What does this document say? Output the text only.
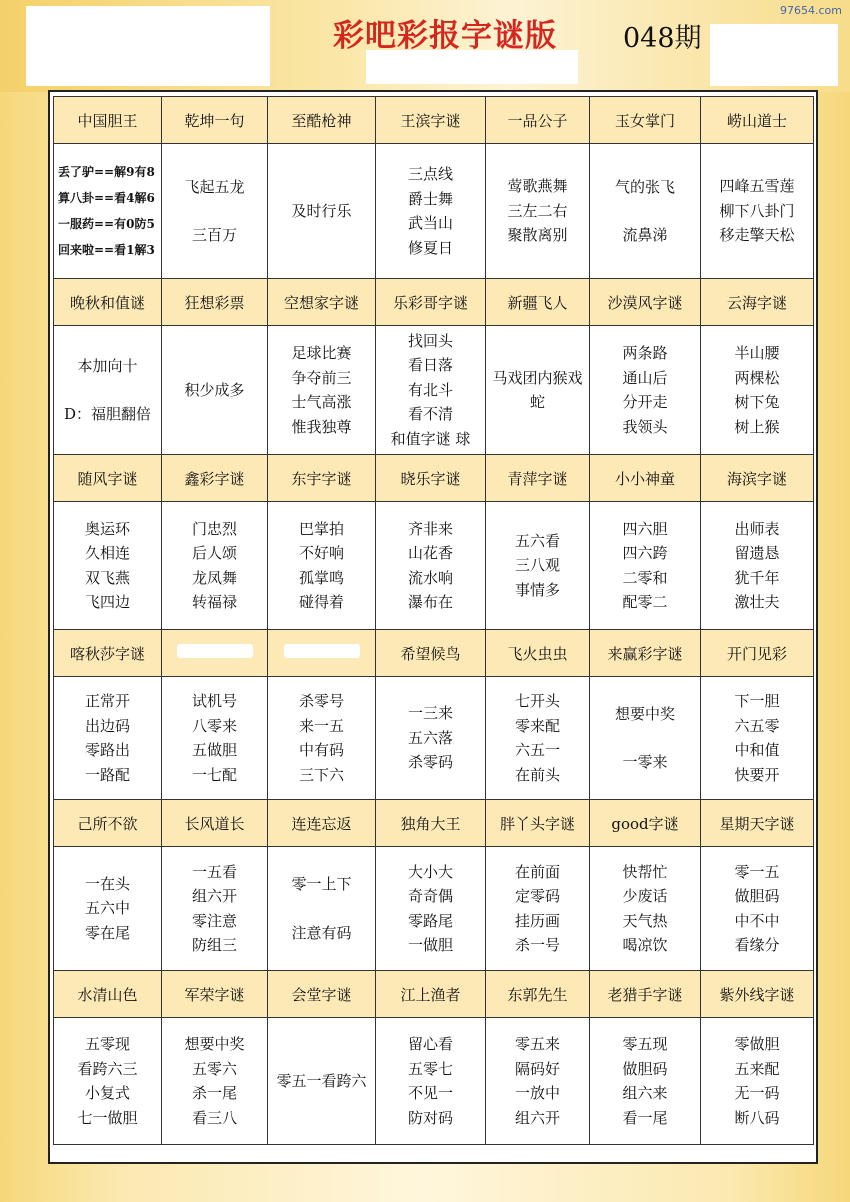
彩吧彩报字谜版 048期
97654.com
中国胆王	乾坤一句	至酷枪神	王滨字谜	一品公子	玉女掌门	崂山道士

丢了驴==解9有8
算八卦==看4解6
一服药==有0防5
回来啦==看1解3	飞起五龙
三百万	及时行乐	三点线
爵士舞
武当山
修夏日	莺歌燕舞
三左二右
聚散离别	气的张飞
流鼻涕	四峰五雪莲
柳下八卦门
移走擎天松

晚秋和值谜	狂想彩票	空想家字谜	乐彩哥字谜	新疆飞人	沙漠风字谜	云海字谜

本加向十
D：福胆翻倍	积少成多	足球比赛
争夺前三
士气高涨
惟我独尊	找回头
看日落
有北斗
看不清
和值字谜 球	马戏团内猴戏
蛇	两条路
通山后
分开走
我领头	半山腰
两棵松
树下兔
树上猴

随风字谜	鑫彩字谜	东宇字谜	晓乐字谜	青萍字谜	小小神童	海滨字谜

奥运环
久相连
双飞燕
飞四边	门忠烈
后人颂
龙凤舞
转福禄	巴掌拍
不好响
孤掌鸣
碰得着	齐非来
山花香
流水响
瀑布在	五六看
三八观
事情多	四六胆
四六跨
二零和
配零二	出师表
留遗恳
犹千年
激壮夫

喀秋莎字谜			希望候鸟	飞火虫虫	来赢彩字谜	开门见彩

正常开
出边码
零路出
一路配	试机号
八零来
五做胆
一七配	杀零号
来一五
中有码
三下六	一三来
五六落
杀零码	七开头
零来配
六五一
在前头	想要中奖
一零来	下一胆
六五零
中和值
快要开

己所不欲	长风道长	连连忘返	独角大王	胖丫头字谜	good字谜	星期天字谜

一在头
五六中
零在尾	一五看
组六开
零注意
防组三	零一上下
注意有码	大小大
奇奇偶
零路尾
一做胆	在前面
定零码
挂历画
杀一号	快帮忙
少废话
天气热
喝凉饮	零一五
做胆码
中不中
看缘分

水清山色	军荣字谜	会堂字谜	江上渔者	东郭先生	老猎手字谜	紫外线字谜

五零现
看跨六三
小复式
七一做胆	想要中奖
五零六
杀一尾
看三八	零五一看跨六	留心看
五零七
不见一
防对码	零五来
隔码好
一放中
组六开	零五现
做胆码
组六来
看一尾	零做胆
五来配
无一码
断八码
